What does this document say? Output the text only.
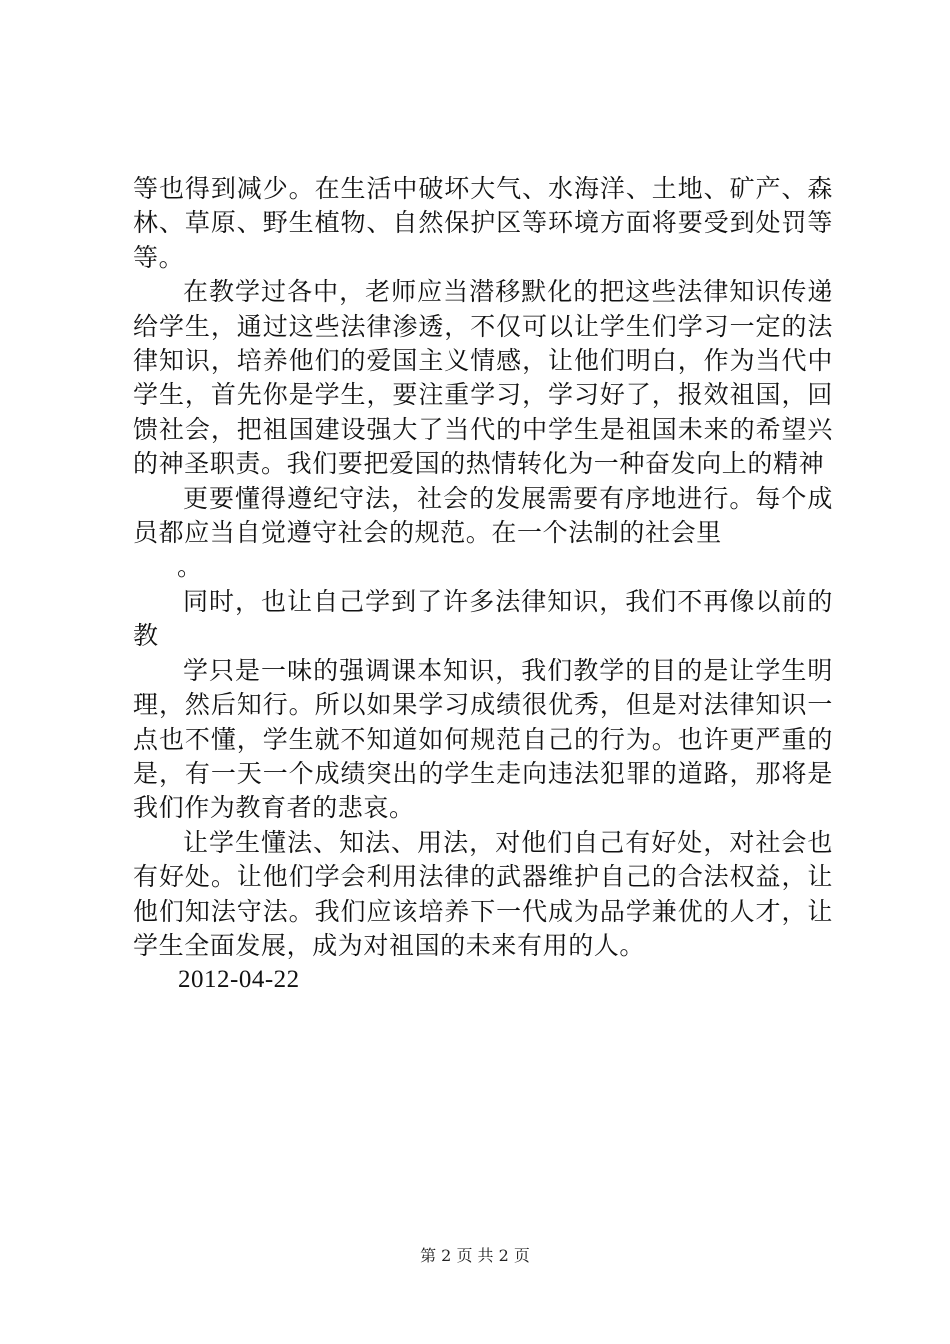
等也得到减少。在生活中破坏大气、水海洋、土地、矿产、森林、草原、野生植物、自然保护区等环境方面将要受到处罚等等。

在教学过各中，老师应当潜移默化的把这些法律知识传递给学生，通过这些法律渗透，不仅可以让学生们学习一定的法律知识，培养他们的爱国主义情感，让他们明白，作为当代中学生，首先你是学生，要注重学习，学习好了，报效祖国，回馈社会，把祖国建设强大了当代的中学生是祖国未来的希望兴的神圣职责。我们要把爱国的热情转化为一种奋发向上的精神

更要懂得遵纪守法，社会的发展需要有序地进行。每个成员都应当自觉遵守社会的规范。在一个法制的社会里

。

同时，也让自己学到了许多法律知识，我们不再像以前的教

学只是一味的强调课本知识，我们教学的目的是让学生明理，然后知行。所以如果学习成绩很优秀，但是对法律知识一点也不懂，学生就不知道如何规范自己的行为。也许更严重的是，有一天一个成绩突出的学生走向违法犯罪的道路，那将是我们作为教育者的悲哀。

让学生懂法、知法、用法，对他们自己有好处，对社会也有好处。让他们学会利用法律的武器维护自己的合法权益，让他们知法守法。我们应该培养下一代成为品学兼优的人才，让学生全面发展，成为对祖国的未来有用的人。

2012-04-22

第 2 页 共 2 页
